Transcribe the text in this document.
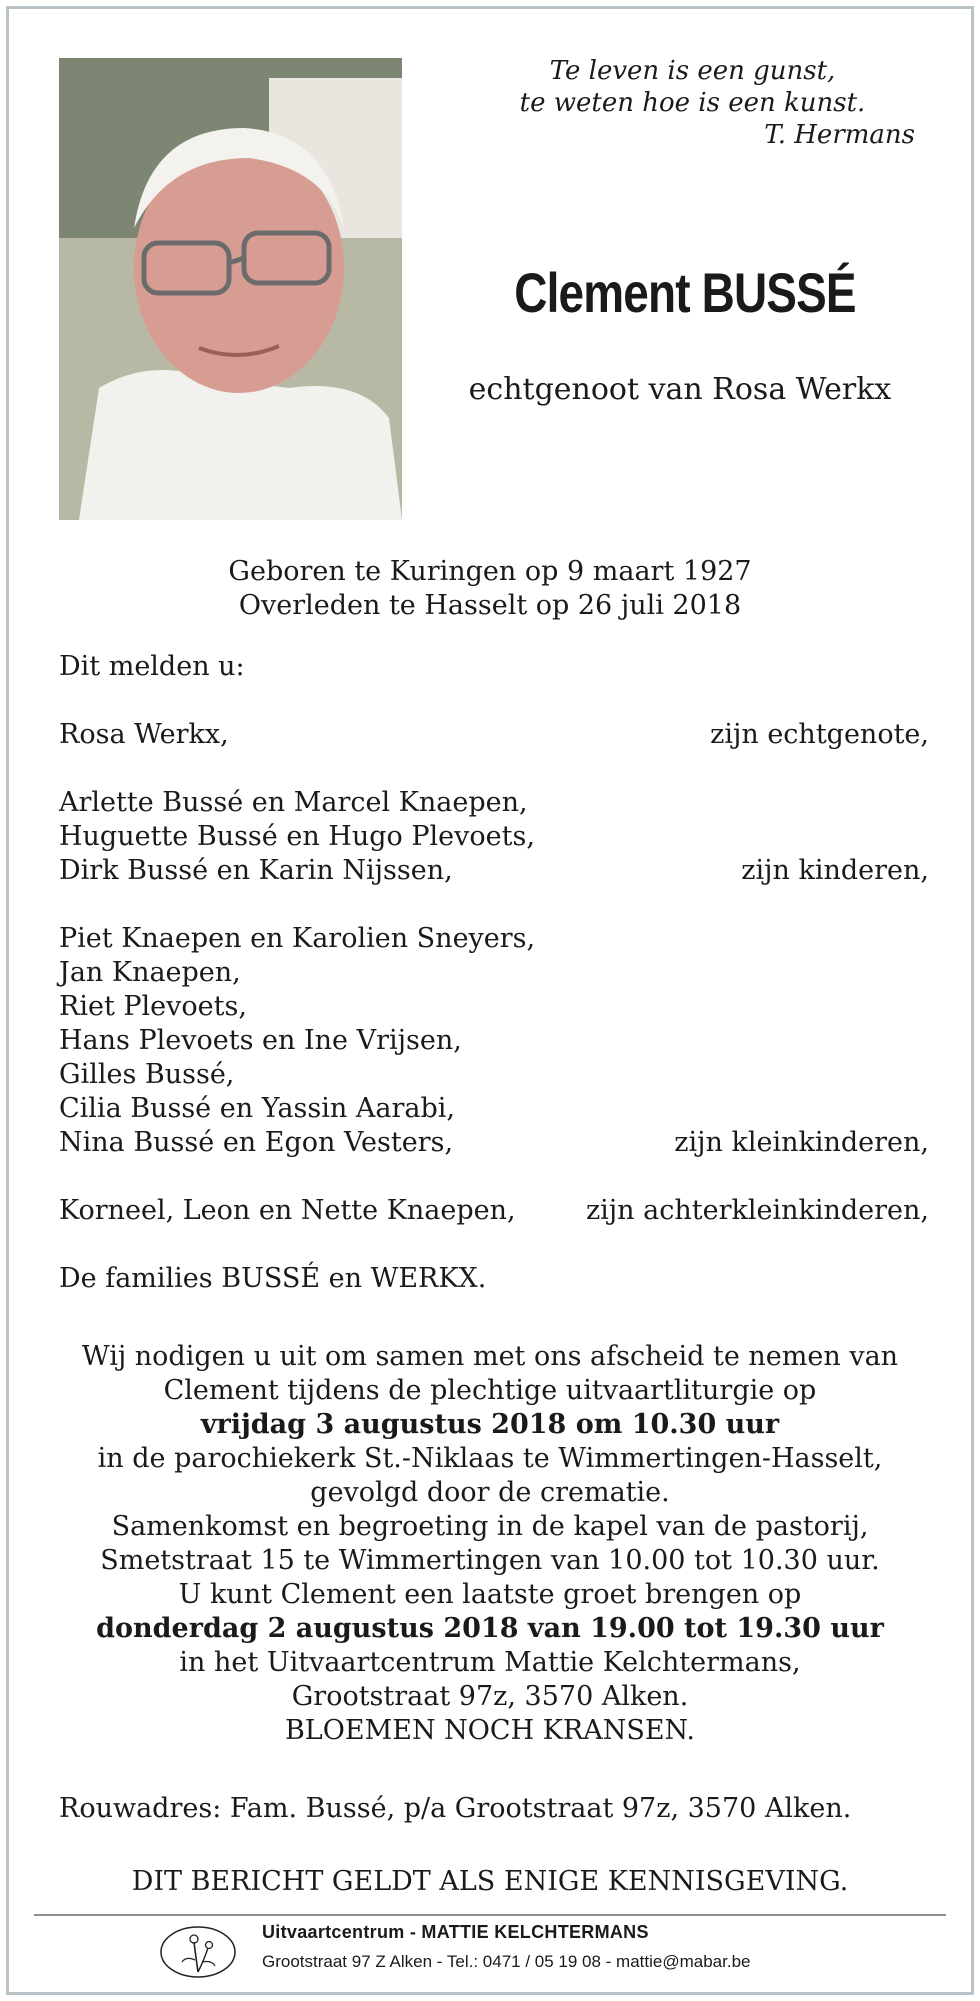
Te leven is een gunst,
te weten hoe is een kunst.
T. Hermans
Clement BUSSÉ
echtgenoot van Rosa Werkx
Geboren te Kuringen op 9 maart 1927
Overleden te Hasselt op 26 juli 2018
Dit melden u:
Rosa Werkx,	zijn echtgenote,
Arlette Bussé en Marcel Knaepen,
Huguette Bussé en Hugo Plevoets,
Dirk Bussé en Karin Nijssen,	zijn kinderen,
Piet Knaepen en Karolien Sneyers,
Jan Knaepen,
Riet Plevoets,
Hans Plevoets en Ine Vrijsen,
Gilles Bussé,
Cilia Bussé en Yassin Aarabi,
Nina Bussé en Egon Vesters,	zijn kleinkinderen,
Korneel, Leon en Nette Knaepen,	zijn achterkleinkinderen,
De families BUSSÉ en WERKX.
Wij nodigen u uit om samen met ons afscheid te nemen van
Clement tijdens de plechtige uitvaartliturgie op
vrijdag 3 augustus 2018 om 10.30 uur
in de parochiekerk St.-Niklaas te Wimmertingen-Hasselt,
gevolgd door de crematie.
Samenkomst en begroeting in de kapel van de pastorij,
Smetstraat 15 te Wimmertingen van 10.00 tot 10.30 uur.
U kunt Clement een laatste groet brengen op
donderdag 2 augustus 2018 van 19.00 tot 19.30 uur
in het Uitvaartcentrum Mattie Kelchtermans,
Grootstraat 97z, 3570 Alken.
BLOEMEN NOCH KRANSEN.
Rouwadres: Fam. Bussé, p/a Grootstraat 97z, 3570 Alken.
DIT BERICHT GELDT ALS ENIGE KENNISGEVING.
Uitvaartcentrum - MATTIE KELCHTERMANS
Grootstraat 97 Z Alken - Tel.: 0471 / 05 19 08 - mattie@mabar.be
